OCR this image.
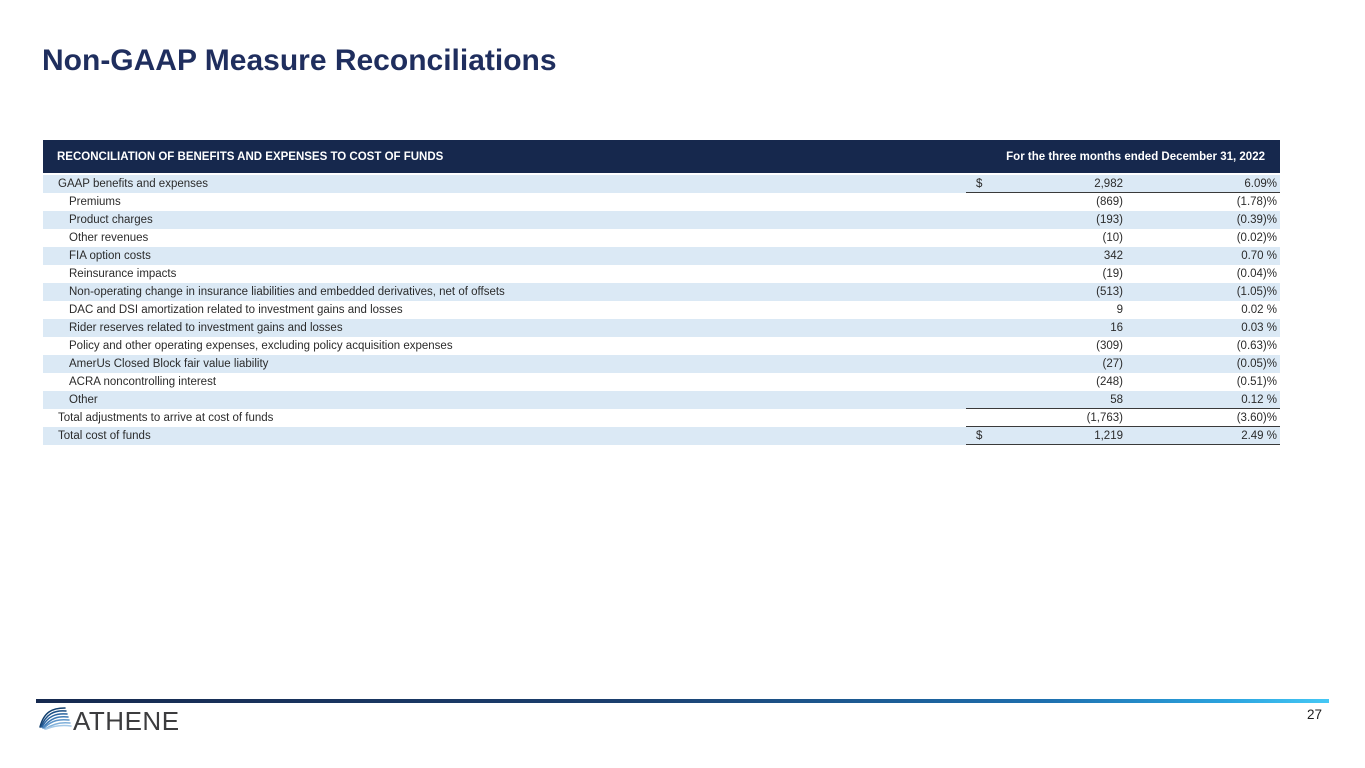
Non-GAAP Measure Reconciliations
RECONCILIATION OF BENEFITS AND EXPENSES TO COST OF FUNDS	For the three months ended December 31, 2022
GAAP benefits and expenses	$	2,982	6.09%
Premiums	(869)	(1.78)%
Product charges	(193)	(0.39)%
Other revenues	(10)	(0.02)%
FIA option costs	342	0.70 %
Reinsurance impacts	(19)	(0.04)%
Non-operating change in insurance liabilities and embedded derivatives, net of offsets	(513)	(1.05)%
DAC and DSI amortization related to investment gains and losses	9	0.02 %
Rider reserves related to investment gains and losses	16	0.03 %
Policy and other operating expenses, excluding policy acquisition expenses	(309)	(0.63)%
AmerUs Closed Block fair value liability	(27)	(0.05)%
ACRA noncontrolling interest	(248)	(0.51)%
Other	58	0.12 %
Total adjustments to arrive at cost of funds	(1,763)	(3.60)%
Total cost of funds	$	1,219	2.49 %
ATHENE	27
